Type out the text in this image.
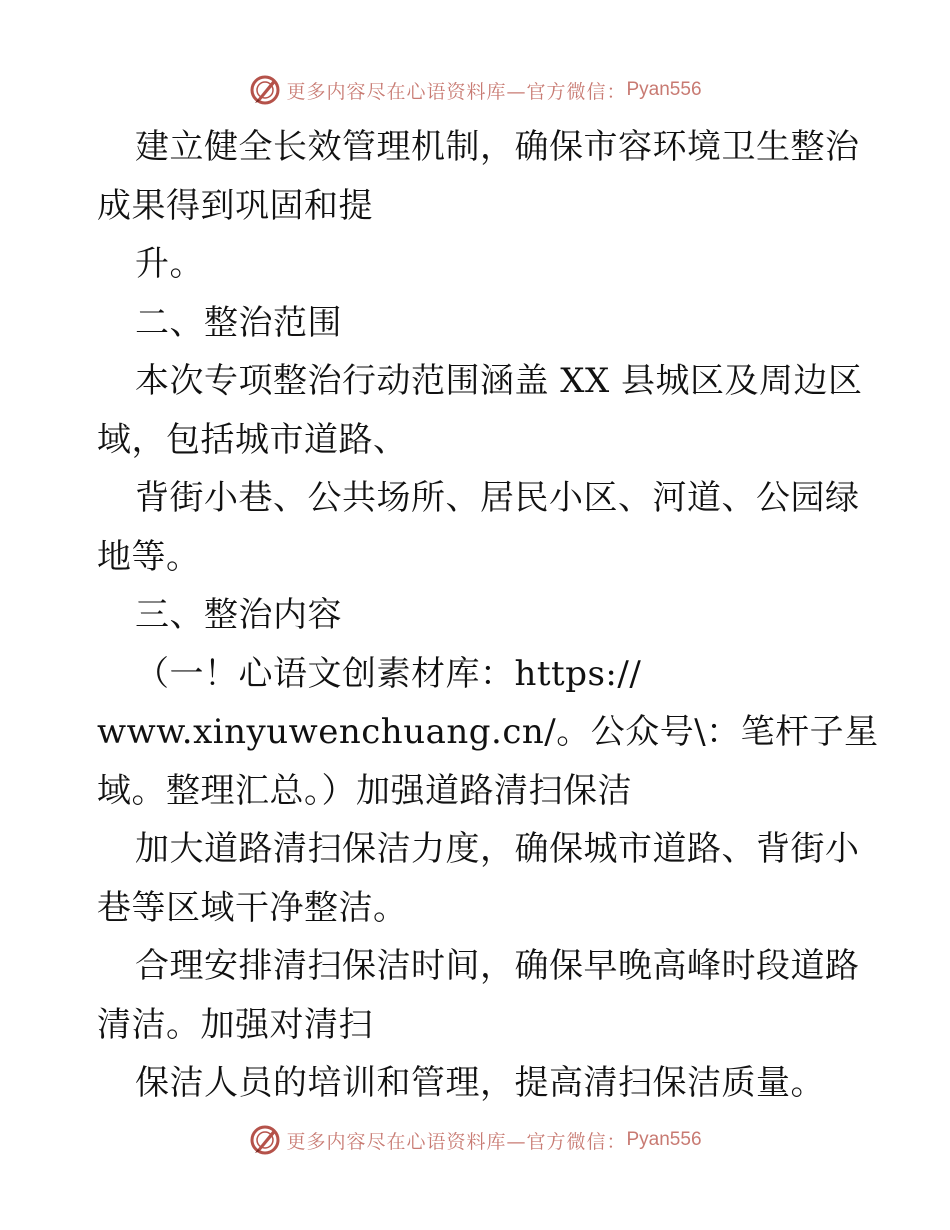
更多内容尽在心语资料库—官方微信： Pyan556
建立健全长效管理机制，确保市容环境卫生整治
成果得到巩固和提
升。
二、整治范围
本次专项整治行动范围涵盖 XX 县城区及周边区
域，包括城市道路、
背街小巷、公共场所、居民小区、河道、公园绿
地等。
三、整治内容
（一！心语文创素材库：https://
www.xinyuwenchuang.cn/。公众号\：笔杆子星
域。整理汇总。）加强道路清扫保洁
加大道路清扫保洁力度，确保城市道路、背街小
巷等区域干净整洁。
合理安排清扫保洁时间，确保早晚高峰时段道路
清洁。加强对清扫
保洁人员的培训和管理，提高清扫保洁质量。
更多内容尽在心语资料库—官方微信： Pyan556
